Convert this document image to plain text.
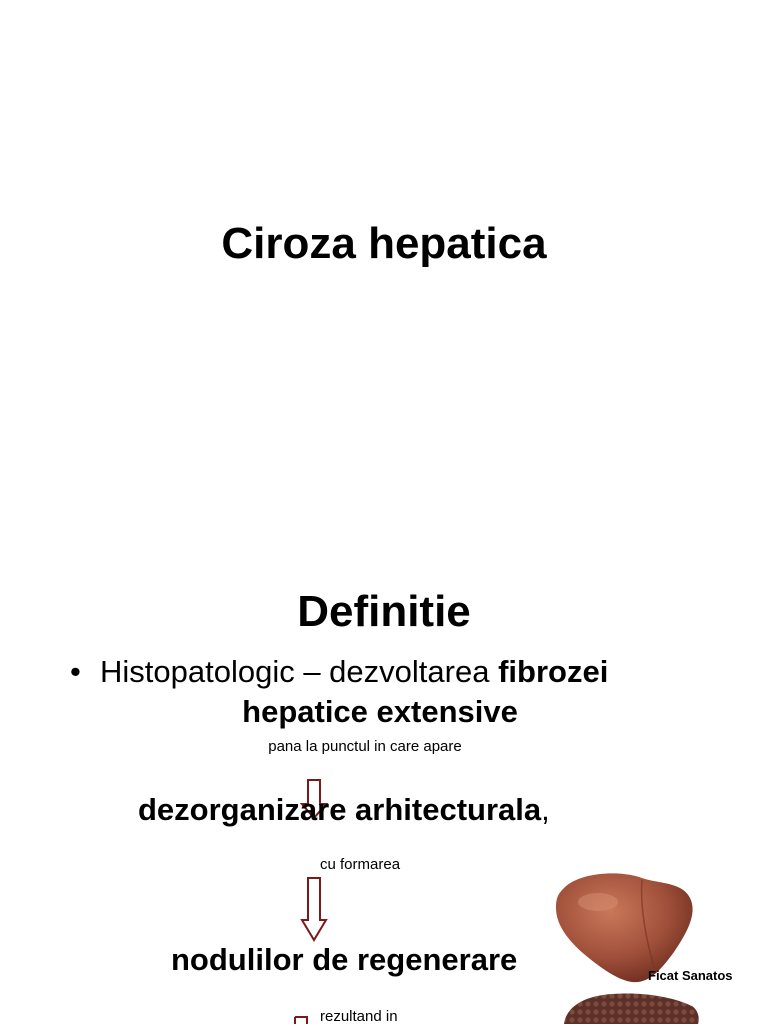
Ciroza hepatica
Definitie
• Histopatologic – dezvoltarea fibrozei
hepatice extensive
pana la punctul in care apare
dezorganizare arhitecturala,
cu formarea
nodulilor de regenerare
rezultand in
Ficat Sanatos
